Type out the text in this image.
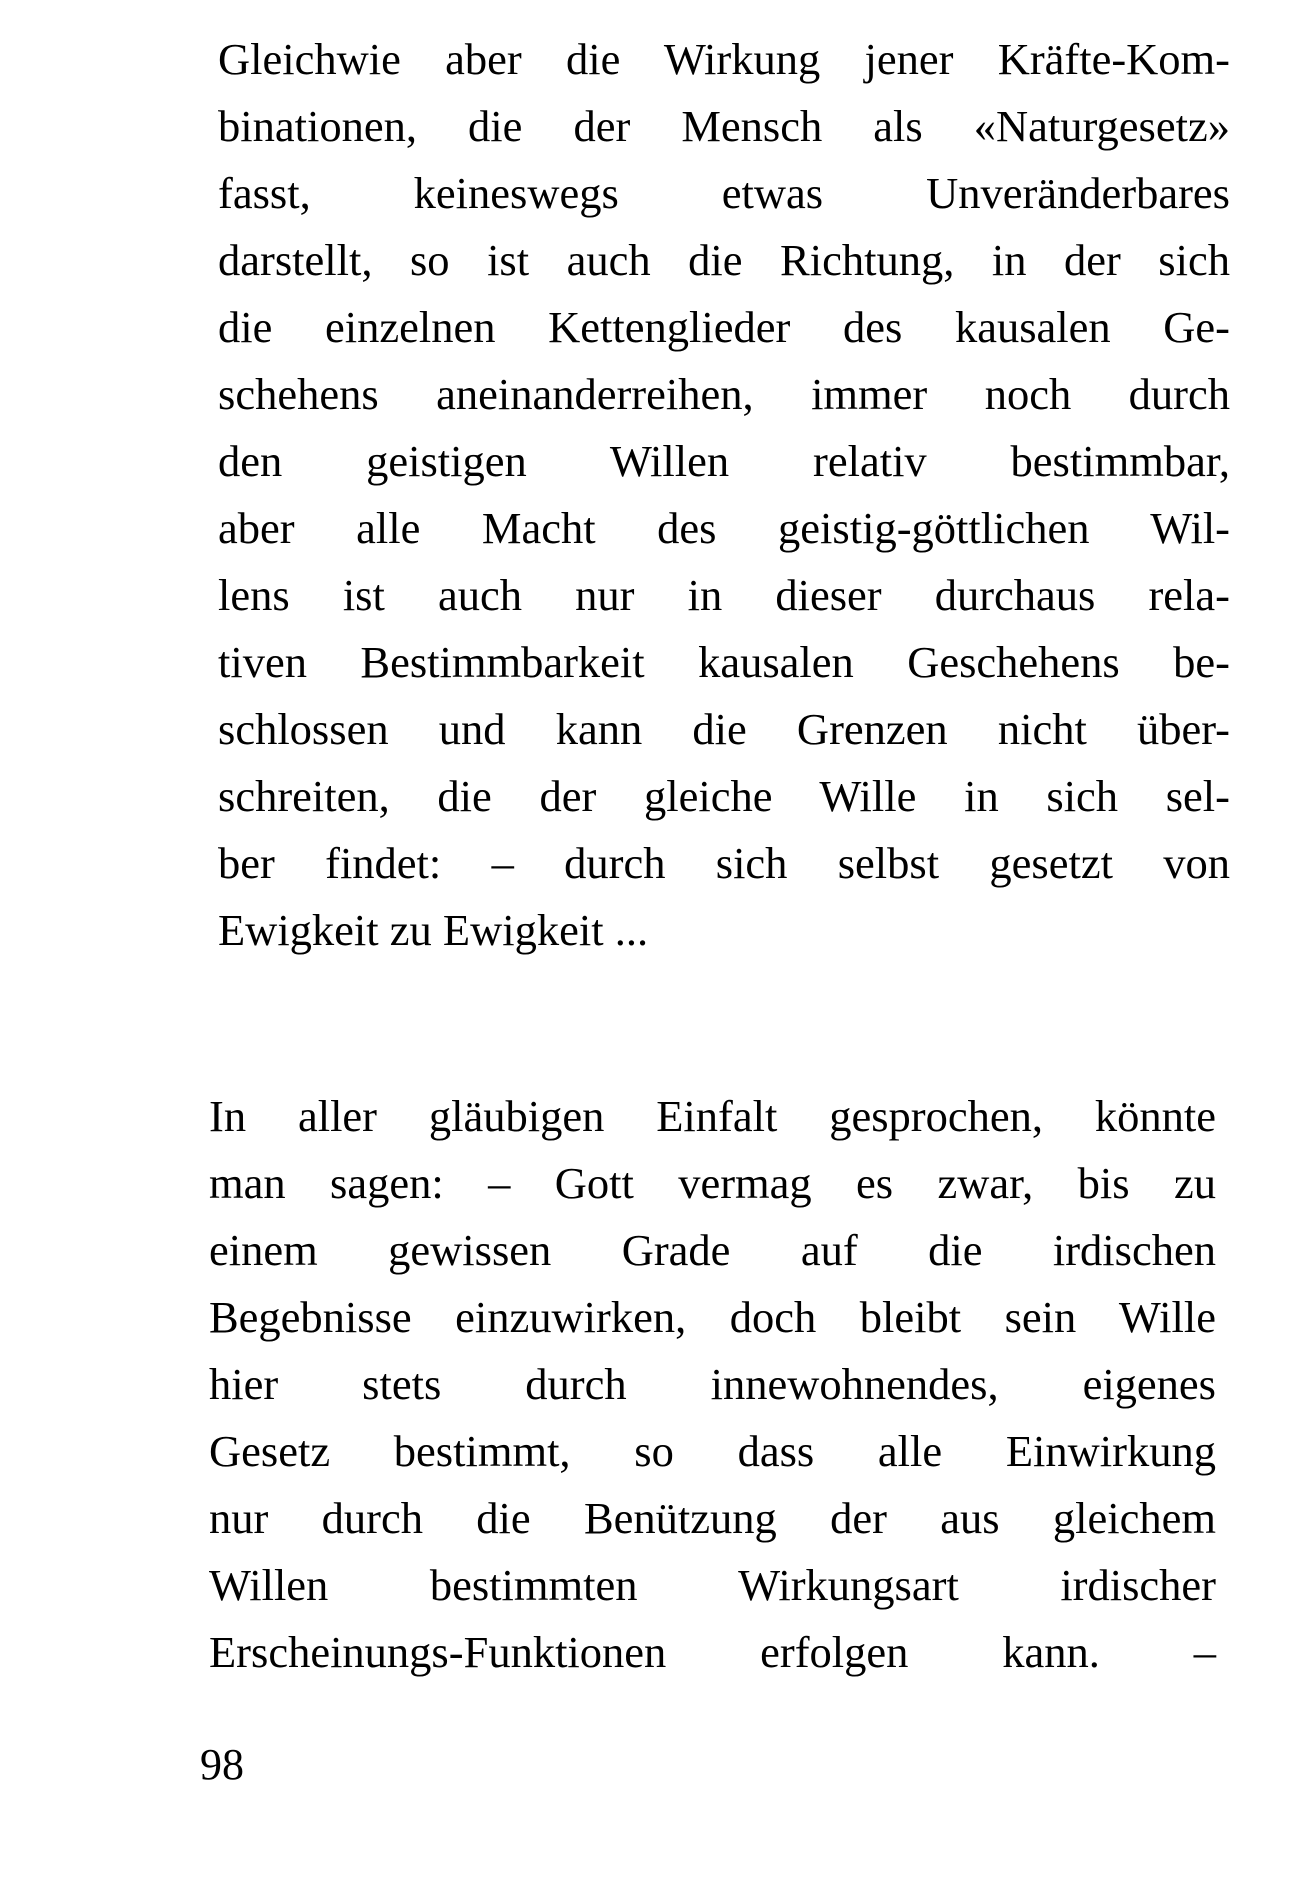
Gleichwie aber die Wirkung jener Kräfte-Kom-
binationen, die der Mensch als «Naturgesetz»
fasst, keineswegs etwas Unveränderbares
darstellt, so ist auch die Richtung, in der sich
die einzelnen Kettenglieder des kausalen Ge-
schehens aneinanderreihen, immer noch durch
den geistigen Willen relativ bestimmbar,
aber alle Macht des geistig-göttlichen Wil-
lens ist auch nur in dieser durchaus rela-
tiven Bestimmbarkeit kausalen Geschehens be-
schlossen und kann die Grenzen nicht über-
schreiten, die der gleiche Wille in sich sel-
ber findet: – durch sich selbst gesetzt von
Ewigkeit zu Ewigkeit ...
In aller gläubigen Einfalt gesprochen, könnte
man sagen: – Gott vermag es zwar, bis zu
einem gewissen Grade auf die irdischen
Begebnisse einzuwirken, doch bleibt sein Wille
hier stets durch innewohnendes, eigenes
Gesetz bestimmt, so dass alle Einwirkung
nur durch die Benützung der aus gleichem
Willen bestimmten Wirkungsart irdischer
Erscheinungs-Funktionen erfolgen kann. –

98
